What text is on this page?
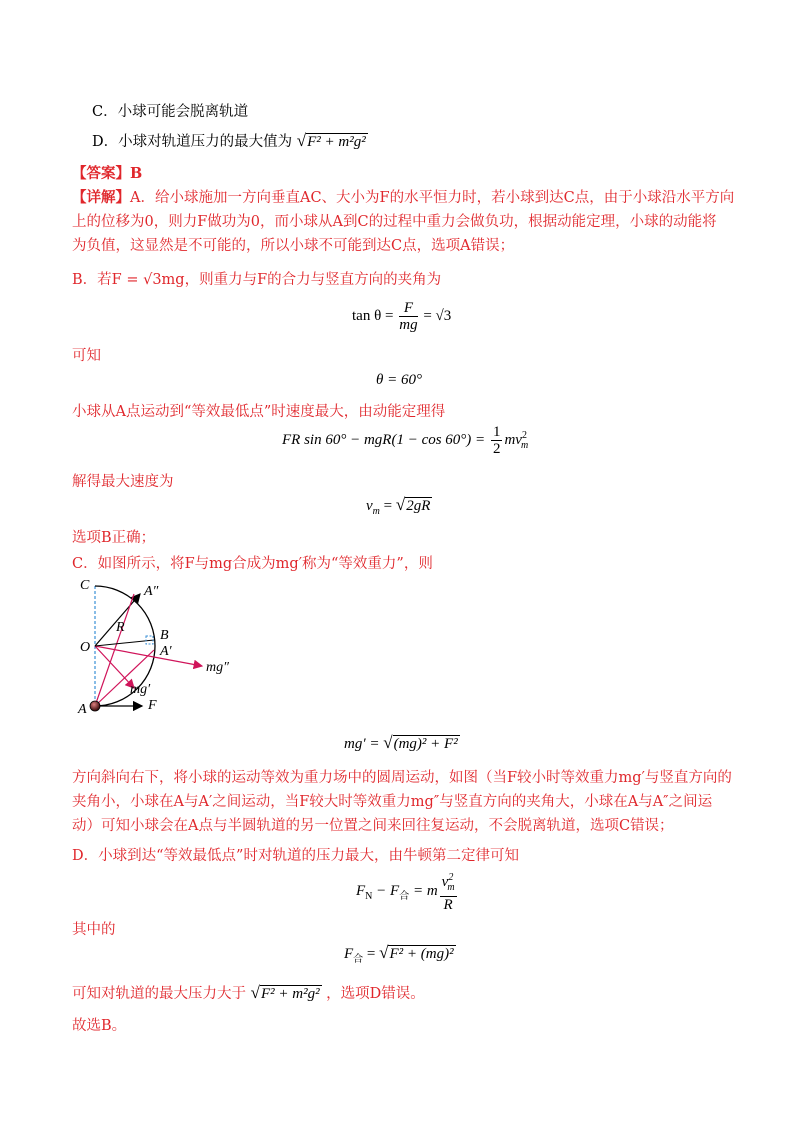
C．小球可能会脱离轨道
D．小球对轨道压力的最大值为 √F² + m²g²
【答案】B
【详解】A．给小球施加一方向垂直AC、大小为F的水平恒力时，若小球到达C点，由于小球沿水平方向
上的位移为0，则力F做功为0，而小球从A到C的过程中重力会做负功，根据动能定理，小球的动能将
为负值，这显然是不可能的，所以小球不可能到达C点，选项A错误；
B．若F = √3mg，则重力与F的合力与竖直方向的夹角为
$\tan \theta = \frac{F}{mg} = √3$
可知
θ = 60°
小球从A点运动到“等效最低点”时速度最大，由动能定理得
FR $\sin 60^\circ - mgR(1 - \cos 60^\circ) = \frac{1}{2} mv^2_m$
解得最大速度为
$v_m = √2gR$
选项B正确；
C．如图所示，将F与mg合成为mg′称为“等效重力”，则
C	A″
R
O
B
A′
mg″
mg′
A	F
mg′ = √(mg)² + F²
方向斜向右下，将小球的运动等效为重力场中的圆周运动，如图（当F较小时等效重力mg′与竖直方向的
夹角小，小球在A与A′之间运动，当F较大时等效重力mg″与竖直方向的夹角大，小球在A与A″之间运
动）可知小球会在A点与半圆轨道的另一位置之间来回往复运动，不会脱离轨道，选项C错误；
D．小球到达“等效最低点”时对轨道的压力最大，由牛顿第二定律可知
$F_N - F_合 = m \frac{v^2_m}{R}$
其中的
$F_合 = √F^2 + (mg)^2$
可知对轨道的最大压力大于 √F² + m²g² ，选项D错误。
故选B。
